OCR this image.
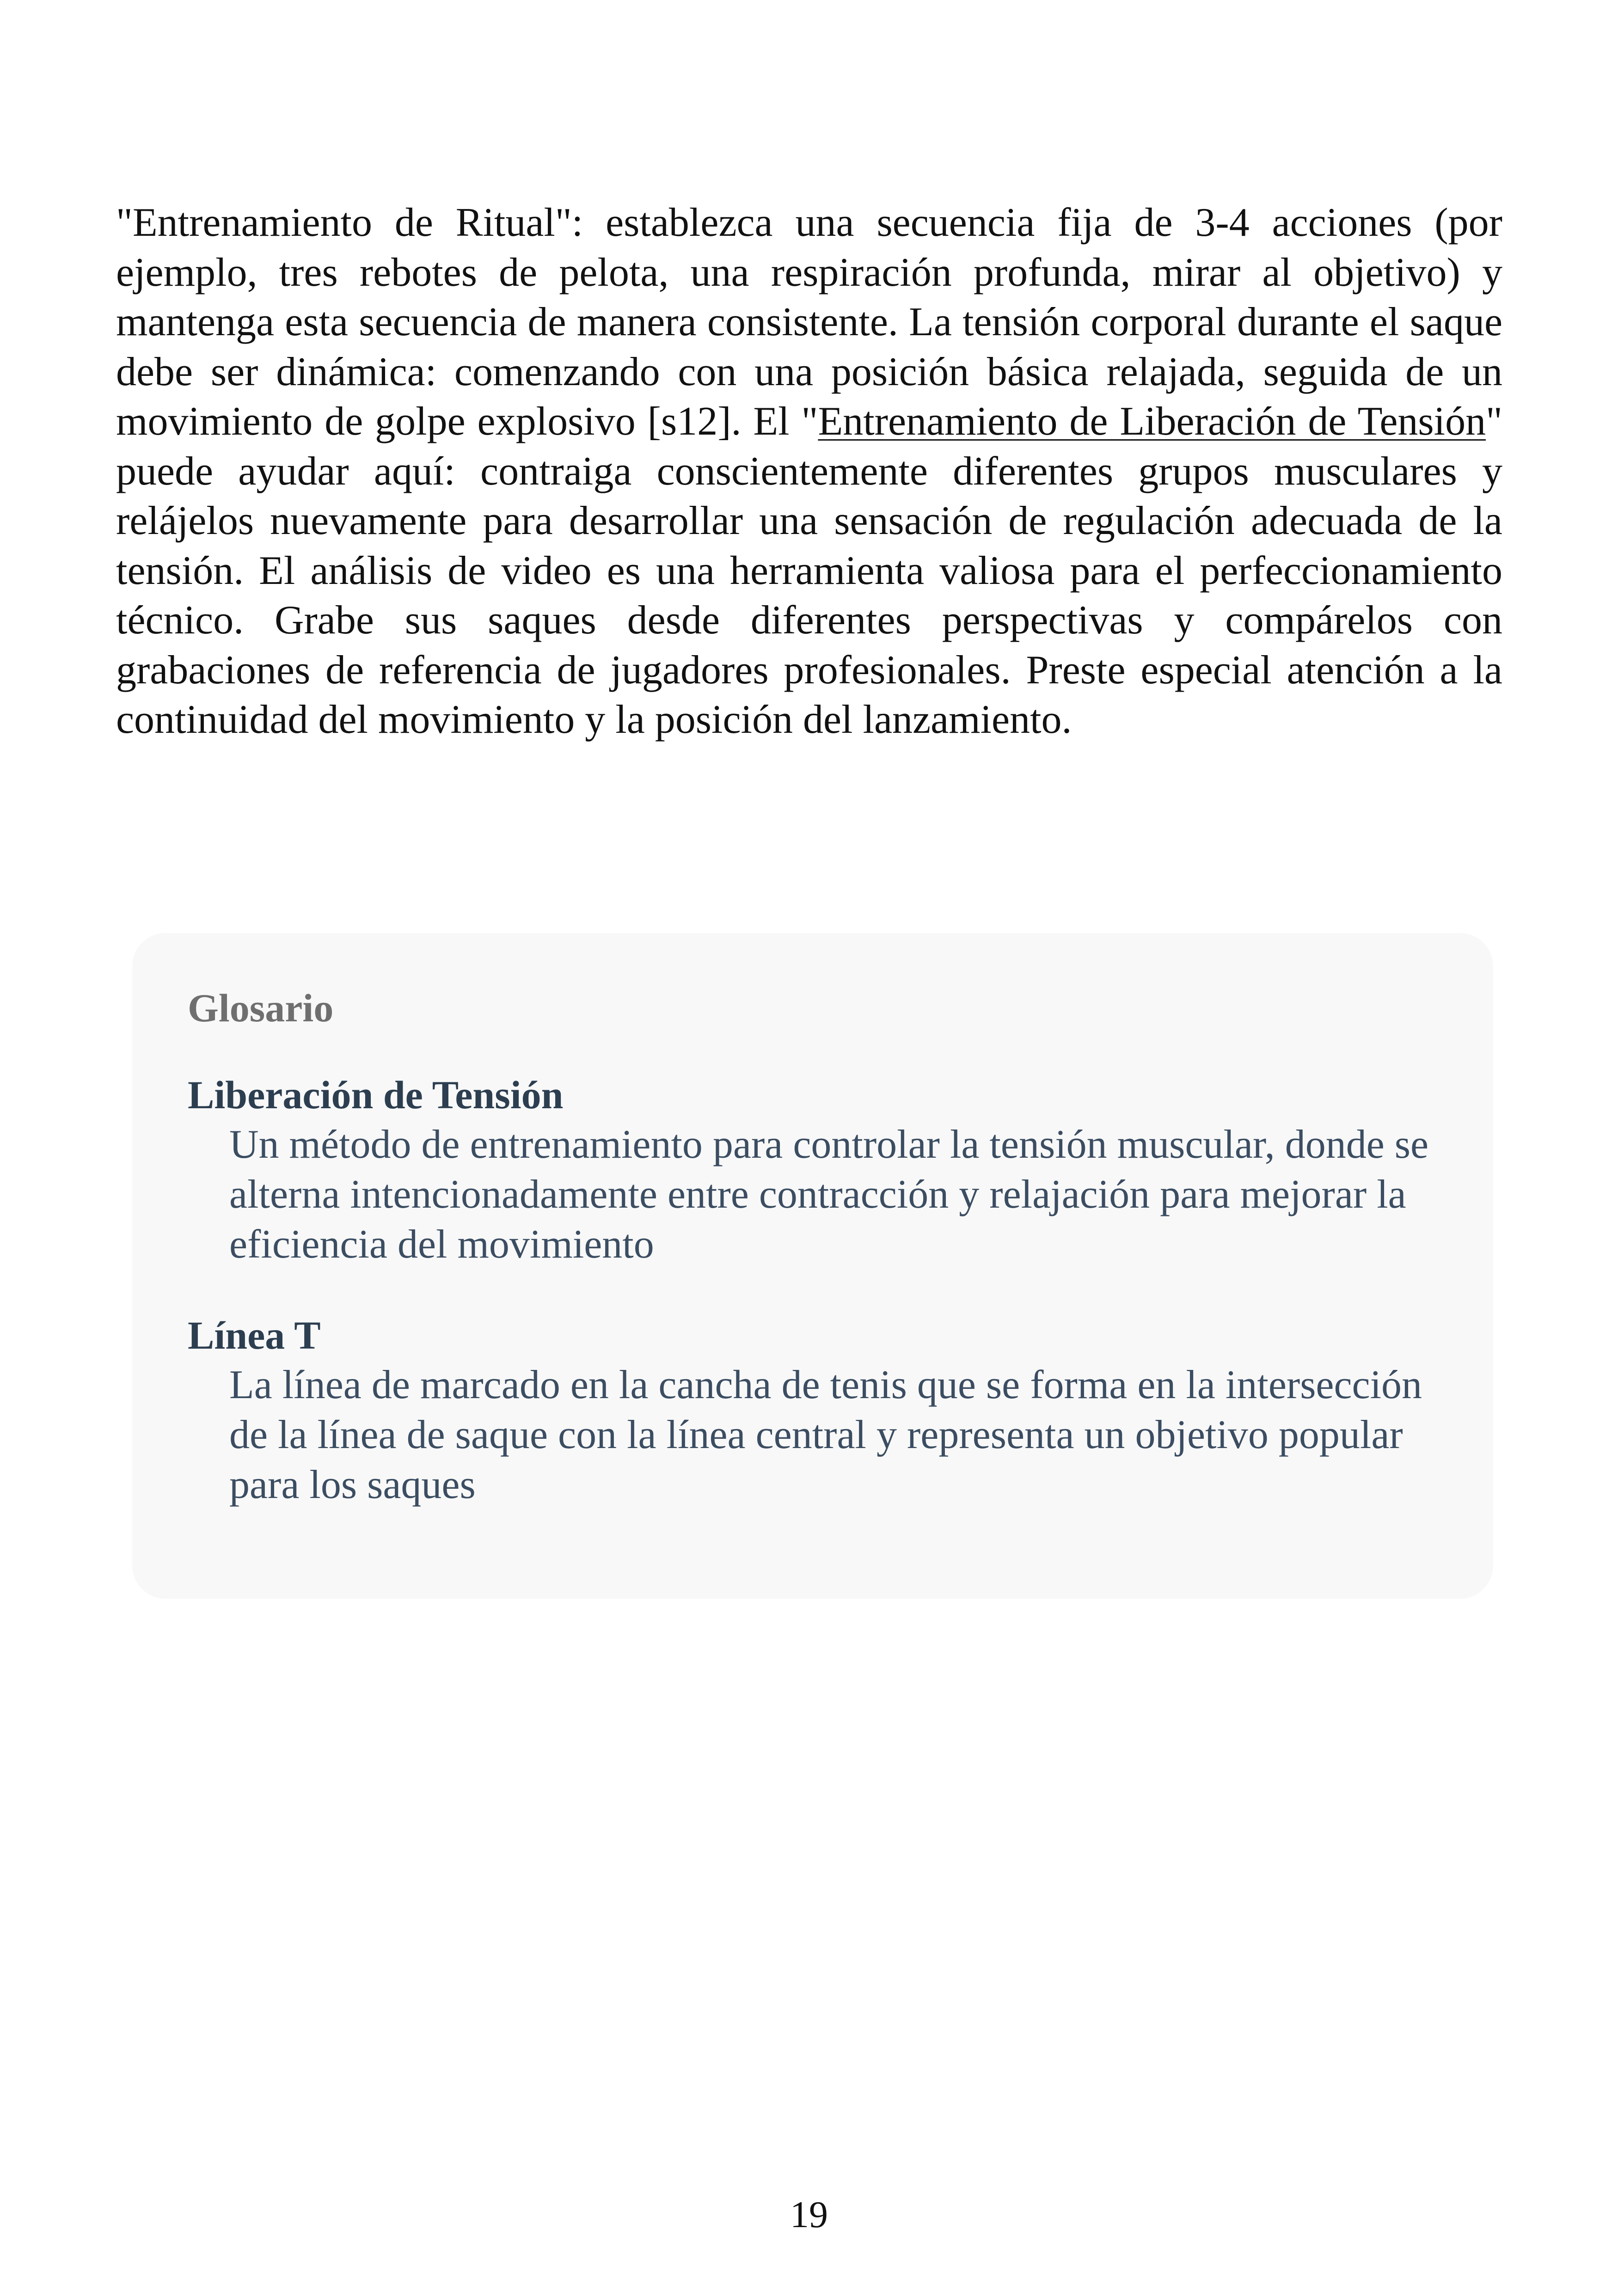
"Entrenamiento de Ritual": establezca una secuencia fija de 3-4 acciones (por ejemplo, tres rebotes de pelota, una respiración profunda, mirar al objetivo) y mantenga esta secuencia de manera consistente. La tensión corporal durante el saque debe ser dinámica: comenzando con una posición básica relajada, seguida de un movimiento de golpe explosivo [s12]. El "Entrenamiento de Liberación de Tensión" puede ayudar aquí: contraiga conscientemente diferentes grupos musculares y relájelos nuevamente para desarrollar una sensación de regulación adecuada de la tensión. El análisis de video es una herramienta valiosa para el perfeccionamiento técnico. Grabe sus saques desde diferentes perspectivas y compárelos con grabaciones de referencia de jugadores profesionales. Preste especial atención a la continuidad del movimiento y la posición del lanzamiento.

Glosario
Liberación de Tensión
Un método de entrenamiento para controlar la tensión muscular, donde se alterna intencionadamente entre contracción y relajación para mejorar la eficiencia del movimiento
Línea T
La línea de marcado en la cancha de tenis que se forma en la intersección de la línea de saque con la línea central y representa un objetivo popular para los saques
19
